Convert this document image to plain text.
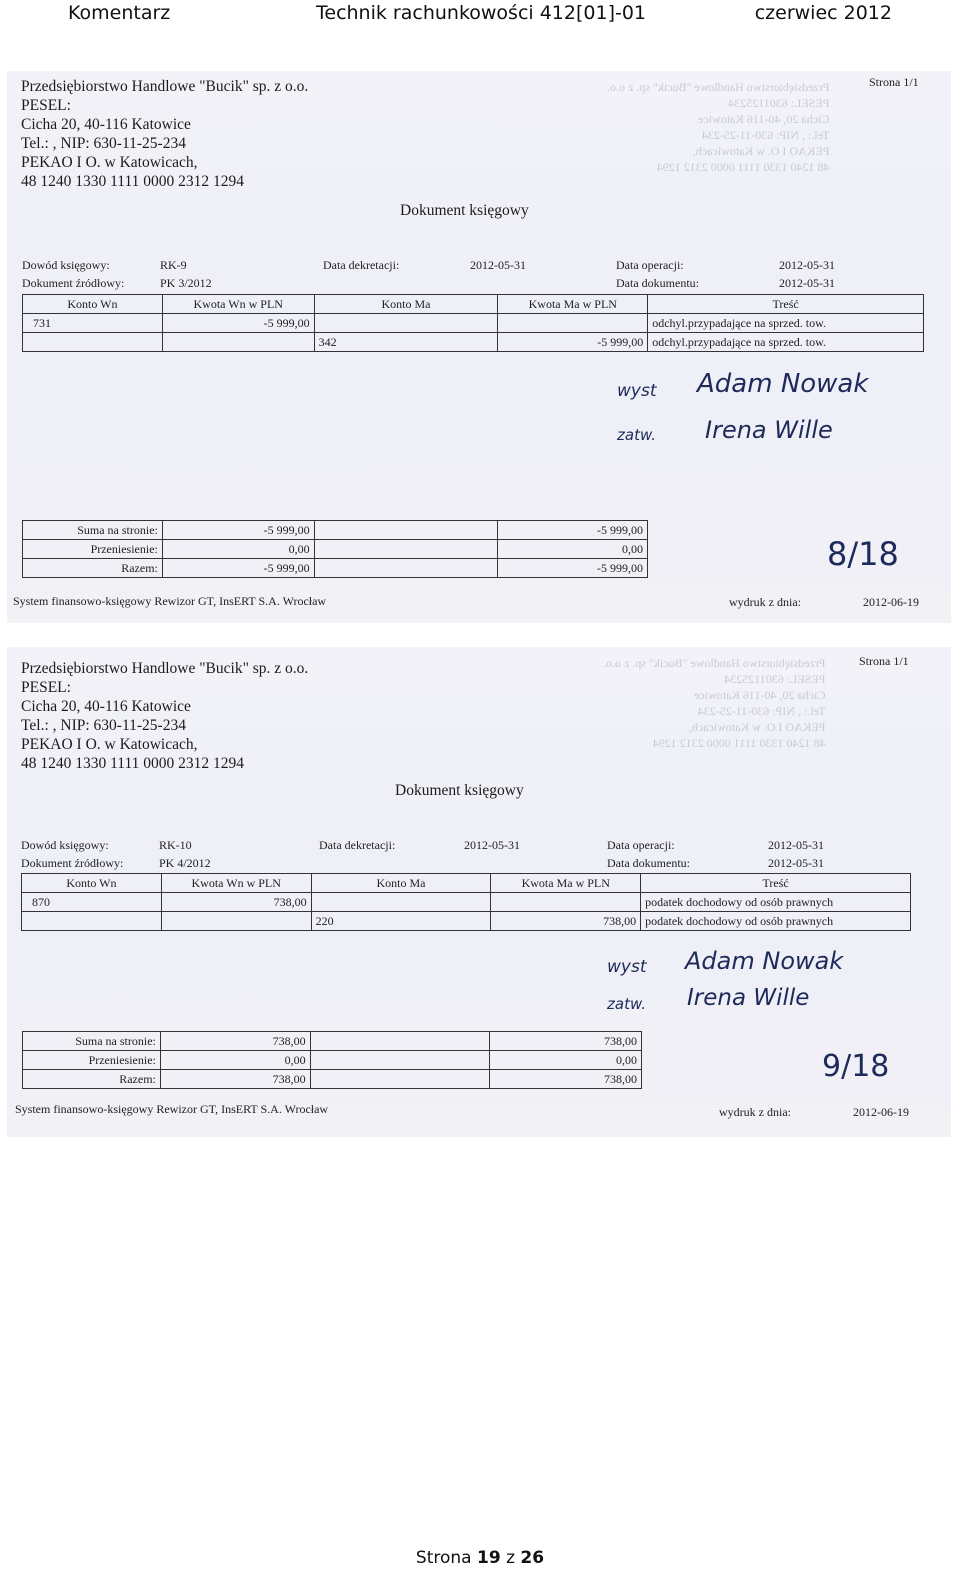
Komentarz	Technik rachunkowości 412[01]-01	czerwiec 2012
Przedsiębiorstwo Handlowe "Bucik" sp. z o.o.
PESEL: 6301125234
Cicha 20, 40-116 Katowice
Tel.: , NIP: 630-11-25-234
PEKAO I O. w Katowicach,
48 1240 1330 1111 0000 2312 1294
Strona 1/1
Przedsiębiorstwo Handlowe "Bucik" sp. z o.o.
PESEL:
Cicha 20, 40-116 Katowice
Tel.: , NIP: 630-11-25-234
PEKAO I O. w Katowicach,
48 1240 1330 1111 0000 2312 1294
Dokument księgowy
Dowód księgowy:	RK-9	Data dekretacji:	2012-05-31	Data operacji:	2012-05-31
Dokument źródłowy:	PK 3/2012	Data dokumentu:	2012-05-31
Konto Wn	Kwota Wn w PLN	Konto Ma	Kwota Ma w PLN	Treść
731	-5 999,00			odchyl.przypadające na sprzed. tow.
		342	-5 999,00	odchyl.przypadające na sprzed. tow.
wyst Adam Nowak
zatw. Irena Wille
Suma na stronie:	-5 999,00		-5 999,00
Przeniesienie:	0,00		0,00
Razem:	-5 999,00		-5 999,00	8/18
System finansowo-księgowy Rewizor GT, InsERT S.A. Wrocław	wydruk z dnia:	2012-06-19
Przedsiębiorstwo Handlowe "Bucik" sp. z o.o.
PESEL: 6301125234
Cicha 20, 40-116 Katowice
Tel.: , NIP: 630-11-25-234
PEKAO I O. w Katowicach,
48 1240 1330 1111 0000 2312 1294
Strona 1/1
Przedsiębiorstwo Handlowe "Bucik" sp. z o.o.
PESEL:
Cicha 20, 40-116 Katowice
Tel.: , NIP: 630-11-25-234
PEKAO I O. w Katowicach,
48 1240 1330 1111 0000 2312 1294
Dokument księgowy
Dowód księgowy:	RK-10	Data dekretacji:	2012-05-31	Data operacji:	2012-05-31
Dokument źródłowy:	PK 4/2012	Data dokumentu:	2012-05-31
Konto Wn	Kwota Wn w PLN	Konto Ma	Kwota Ma w PLN	Treść
870	738,00			podatek dochodowy od osób prawnych
		220	738,00	podatek dochodowy od osób prawnych
wyst Adam Nowak
zatw. Irena Wille
Suma na stronie:	738,00		738,00
Przeniesienie:	0,00		0,00
Razem:	738,00		738,00	9/18
System finansowo-księgowy Rewizor GT, InsERT S.A. Wrocław	wydruk z dnia:	2012-06-19
Strona 19 z 26
